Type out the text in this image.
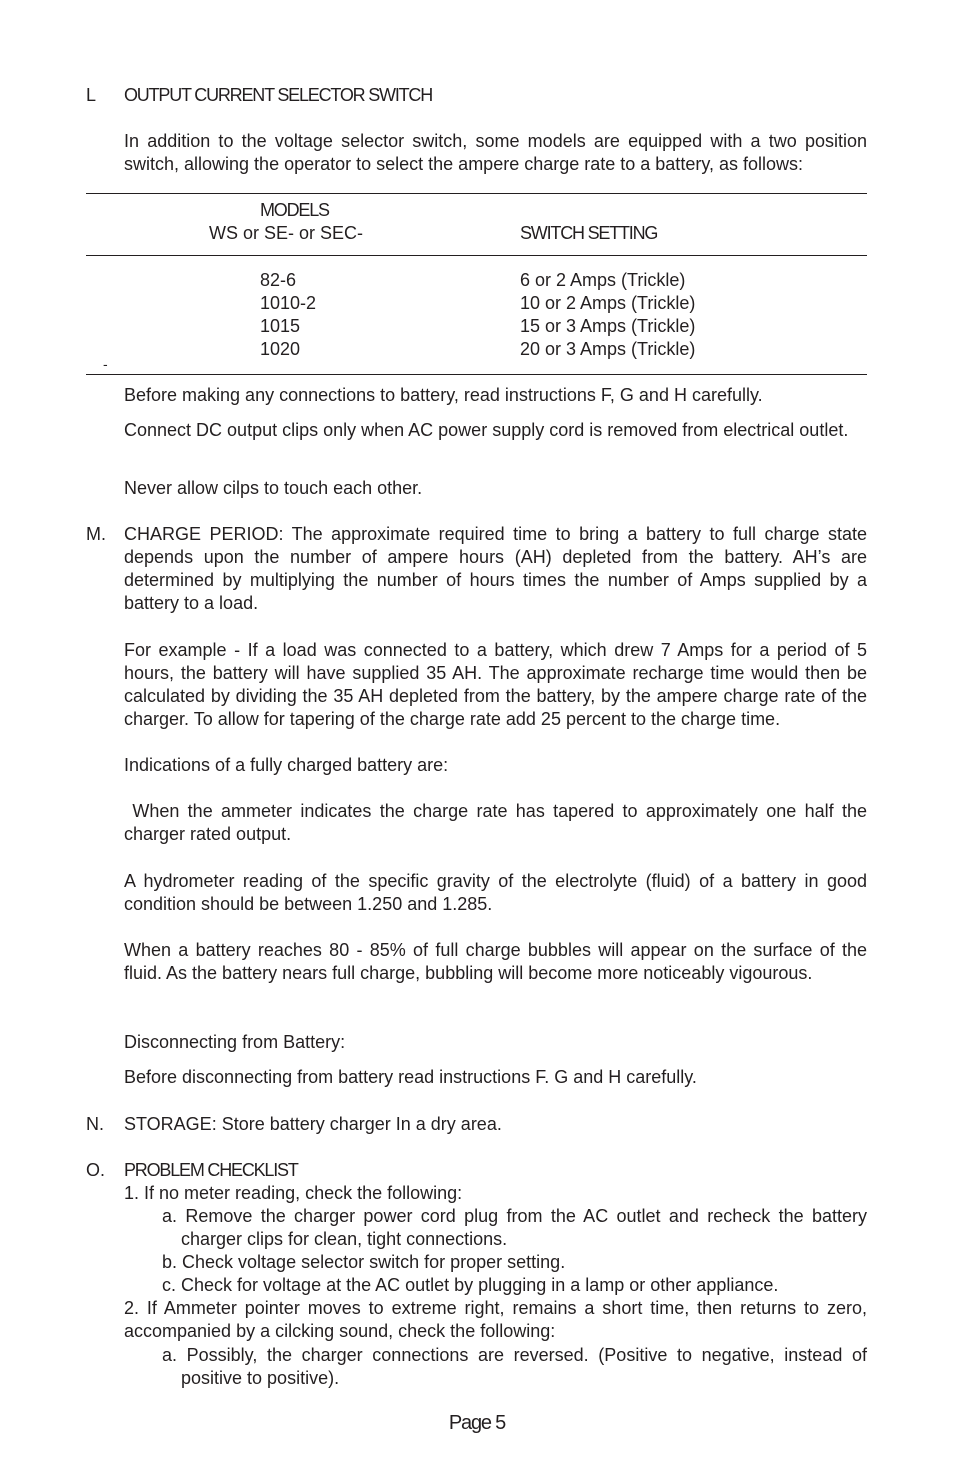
L OUTPUT CURRENT SELECTOR SWITCH

In addition to the voltage selector switch, some models are equipped with a two position switch, allowing the operator to select the ampere charge rate to a battery, as follows:

MODELS
WS or SE- or SEC-	SWITCH SETTING
82-6	6 or 2 Amps (Trickle)
1010-2	10 or 2 Amps (Trickle)
1015	15 or 3 Amps (Trickle)
1020	20 or 3 Amps (Trickle)
-

Before making any connections to battery, read instructions F, G and H carefully.

Connect DC output clips only when AC power supply cord is removed from electrical outlet.

Never allow cilps to touch each other.

M. CHARGE PERIOD: The approximate required time to bring a battery to full charge state depends upon the number of ampere hours (AH) depleted from the battery. AH’s are determined by multiplying the number of hours times the number of Amps supplied by a battery to a load.

For example - If a load was connected to a battery, which drew 7 Amps for a period of 5 hours, the battery will have supplied 35 AH. The approximate recharge time would then be calculated by dividing the 35 AH depleted from the battery, by the ampere charge rate of the charger. To allow for tapering of the charge rate add 25 percent to the charge time.

Indications of a fully charged battery are:

When the ammeter indicates the charge rate has tapered to approximately one half the charger rated output.

A hydrometer reading of the specific gravity of the electrolyte (fluid) of a battery in good condition should be between 1.250 and 1.285.

When a battery reaches 80 - 85% of full charge bubbles will appear on the surface of the fluid. As the battery nears full charge, bubbling will become more noticeably vigourous.

Disconnecting from Battery:

Before disconnecting from battery read instructions F. G and H carefully.

N. STORAGE: Store battery charger In a dry area.

O. PROBLEM CHECKLIST
1. If no meter reading, check the following:
a. Remove the charger power cord plug from the AC outlet and recheck the battery charger clips for clean, tight connections.
b. Check voltage selector switch for proper setting.
c. Check for voltage at the AC outlet by plugging in a lamp or other appliance.
2. If Ammeter pointer moves to extreme right, remains a short time, then returns to zero, accompanied by a cilcking sound, check the following:
a. Possibly, the charger connections are reversed. (Positive to negative, instead of positive to positive).
Page 5
